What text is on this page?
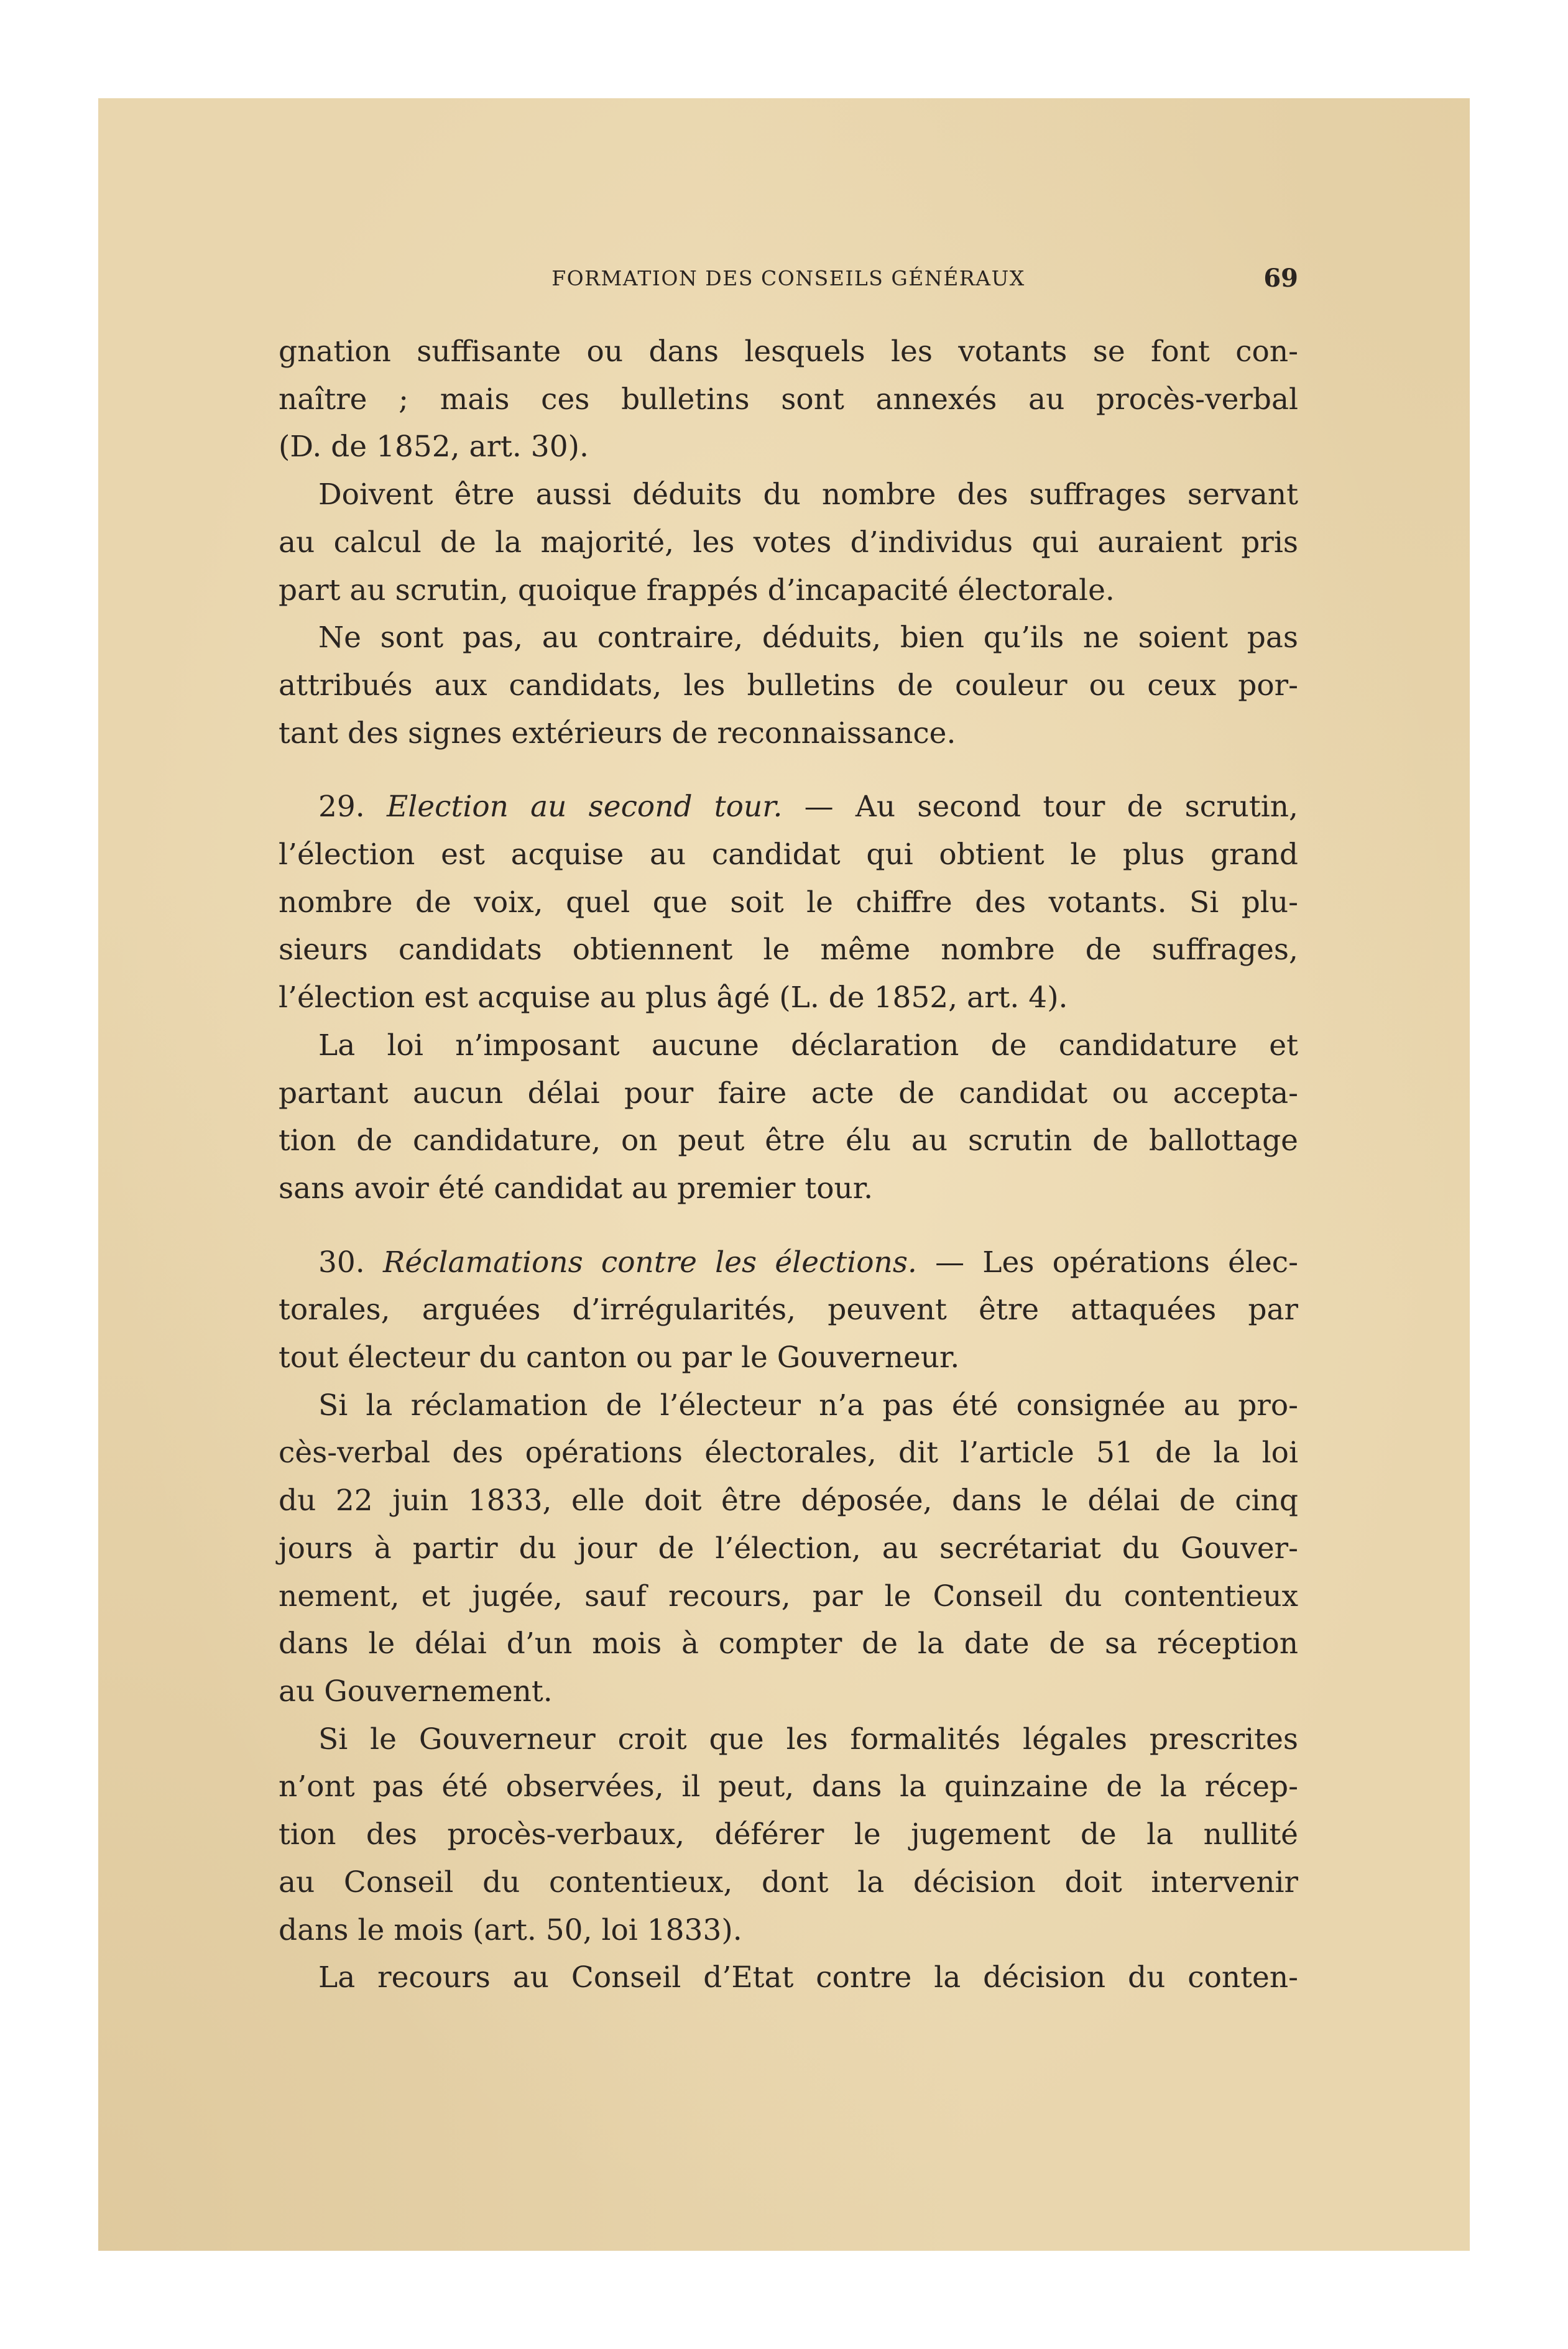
FORMATION DES CONSEILS GÉNÉRAUX	69

gnation suffisante ou dans lesquels les votants se font con-
naître ; mais ces bulletins sont annexés au procès-verbal
(D. de 1852, art. 30).

Doivent être aussi déduits du nombre des suffrages servant
au calcul de la majorité, les votes d’individus qui auraient pris
part au scrutin, quoique frappés d’incapacité électorale.

Ne sont pas, au contraire, déduits, bien qu’ils ne soient pas
attribués aux candidats, les bulletins de couleur ou ceux por-
tant des signes extérieurs de reconnaissance.

29. Election au second tour. — Au second tour de scrutin,
l’élection est acquise au candidat qui obtient le plus grand
nombre de voix, quel que soit le chiffre des votants. Si plu-
sieurs candidats obtiennent le même nombre de suffrages,
l’élection est acquise au plus âgé (L. de 1852, art. 4).

La loi n’imposant aucune déclaration de candidature et
partant aucun délai pour faire acte de candidat ou accepta-
tion de candidature, on peut être élu au scrutin de ballottage
sans avoir été candidat au premier tour.

30. Réclamations contre les élections. — Les opérations élec-
torales, arguées d’irrégularités, peuvent être attaquées par
tout électeur du canton ou par le Gouverneur.

Si la réclamation de l’électeur n’a pas été consignée au pro-
cès-verbal des opérations électorales, dit l’article 51 de la loi
du 22 juin 1833, elle doit être déposée, dans le délai de cinq
jours à partir du jour de l’élection, au secrétariat du Gouver-
nement, et jugée, sauf recours, par le Conseil du contentieux
dans le délai d’un mois à compter de la date de sa réception
au Gouvernement.

Si le Gouverneur croit que les formalités légales prescrites
n’ont pas été observées, il peut, dans la quinzaine de la récep-
tion des procès-verbaux, déférer le jugement de la nullité
au Conseil du contentieux, dont la décision doit intervenir
dans le mois (art. 50, loi 1833).

La recours au Conseil d’Etat contre la décision du conten-
